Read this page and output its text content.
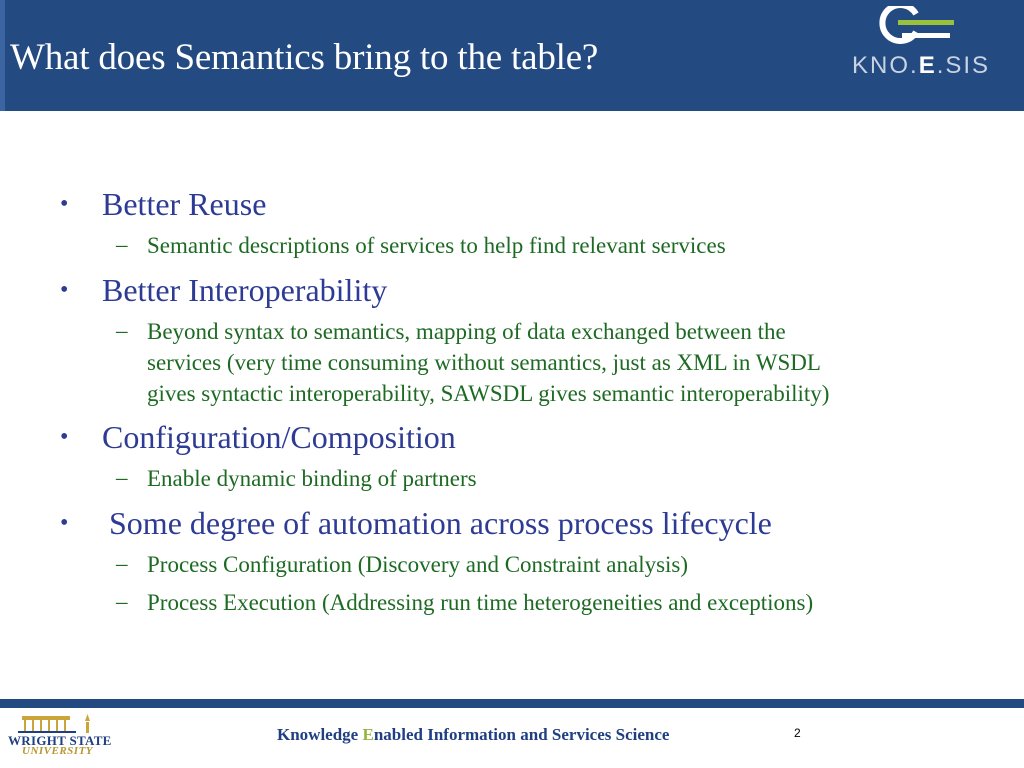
What does Semantics bring to the table?	KNO.E.SIS
• Better Reuse
– Semantic descriptions of services to help find relevant services
• Better Interoperability
– Beyond syntax to semantics, mapping of data exchanged between the
services (very time consuming without semantics, just as XML in WSDL
gives syntactic interoperability, SAWSDL gives semantic interoperability)
• Configuration/Composition
– Enable dynamic binding of partners
• Some degree of automation across process lifecycle
– Process Configuration (Discovery and Constraint analysis)
– Process Execution (Addressing run time heterogeneities and exceptions)
WRIGHT STATE
UNIVERSITY
Knowledge Enabled Information and Services Science	2
